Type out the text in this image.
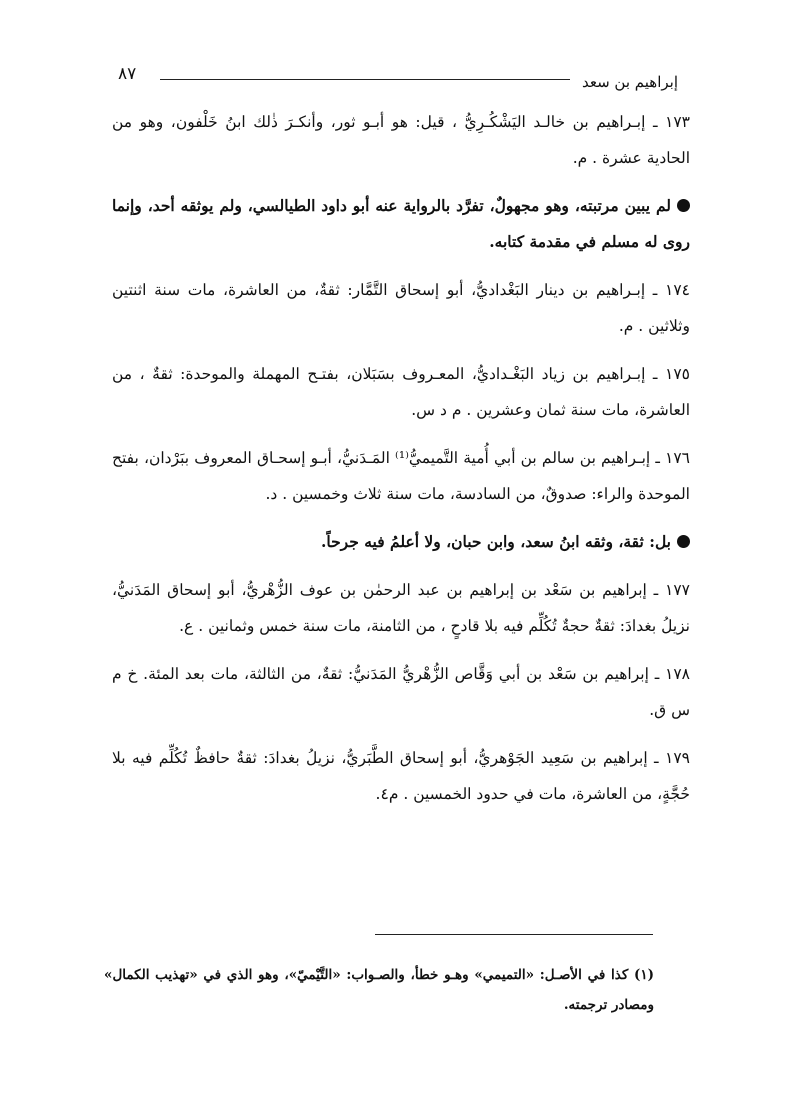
إبراهيم بن سعد
٨٧

١٧٣ ـ إبـراهيم بن خالـد اليَشْكُـرِيُّ ، قيل: هو أبـو ثور، وأنكـرَ ذٰلك ابنُ خَلْفون، وهو من الحادية عشرة . م.

لم يبين مرتبته، وهو مجهولٌ، تفرَّد بالرواية عنه أبو داود الطيالسي، ولم يوثقه أحد، وإنما روى له مسلم في مقدمة كتابه.

١٧٤ ـ إبـراهيم بن دينار البَغْداديُّ، أبو إسحاق التَّمَّار: ثقةٌ، من العاشرة، مات سنة اثنتين وثلاثين . م.

١٧٥ ـ إبـراهيم بن زياد البَغْـداديُّ، المعـروف بسَبَلان، بفتـح المهملة والموحدة: ثقةٌ ، من العاشرة، مات سنة ثمان وعشرين . م د س.

١٧٦ ـ إبـراهيم بن سالم بن أبي أُمية التَّميميُّ⁽¹⁾ المَـدَنيُّ، أبـو إسحـاق المعروف ببَرْدان، بفتح الموحدة والراء: صدوقٌ، من السادسة، مات سنة ثلاث وخمسين . د.

بل: ثقة، وثقه ابنُ سعد، وابن حبان، ولا أعلمُ فيه جرحاً.

١٧٧ ـ إبراهيم بن سَعْد بن إبراهيم بن عبد الرحمٰن بن عوف الزُّهْريُّ، أبو إسحاق المَدَنيُّ، نزيلُ بغدادَ: ثقةٌ حجةٌ تُكُلِّم فيه بلا قادحٍ ، من الثامنة، مات سنة خمس وثمانين . ع.

١٧٨ ـ إبراهيم بن سَعْد بن أبي وَقَّاص الزُّهْريُّ المَدَنيُّ: ثقةٌ، من الثالثة، مات بعد المئة. خ م س ق.

١٧٩ ـ إبراهيم بن سَعِيد الجَوْهريُّ، أبو إسحاق الطَّبَريُّ، نزيلُ بغدادَ: ثقةٌ حافظٌ تُكُلِّم فيه بلا حُجَّةٍ، من العاشرة، مات في حدود الخمسين . م٤.

(١) كذا في الأصـل: «التميمي» وهـو خطأ، والصـواب: «التَّيْميّ»، وهو الذي في «تهذيب الكمال» ومصادر ترجمته.
